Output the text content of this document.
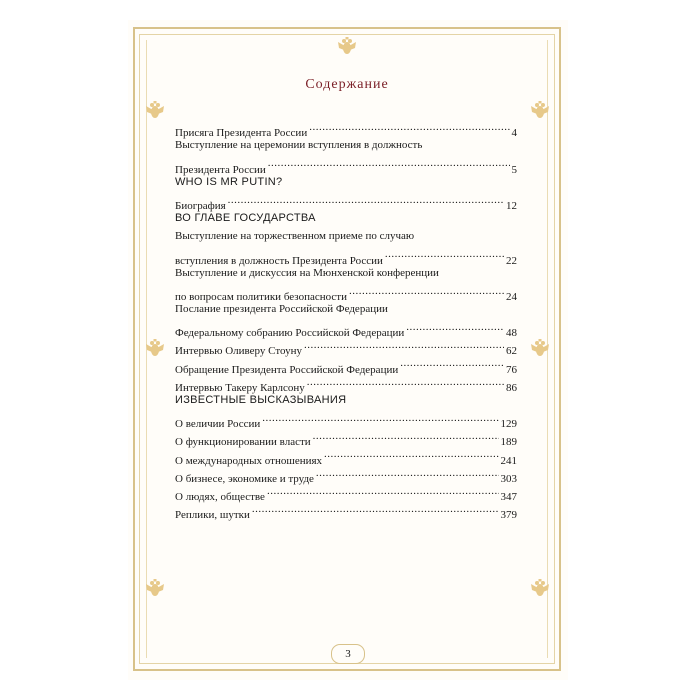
Содержание
Присяга Президента России .....	4
Выступление на церемонии вступления в должность
Президента России .....	5
WHO IS MR PUTIN?
Биография .....	12
ВО ГЛАВЕ ГОСУДАРСТВА
Выступление на торжественном приеме по случаю
вступления в должность Президента России .....	22
Выступление и дискуссия на Мюнхенской конференции
по вопросам политики безопасности .....	24
Послание президента Российской Федерации
Федеральному собранию Российской Федерации .....	48
Интервью Оливеру Стоуну .....	62
Обращение Президента Российской Федерации .....	76
Интервью Такеру Карлсону .....	86
ИЗВЕСТНЫЕ ВЫСКАЗЫВАНИЯ
О величии России .....	129
О функционировании власти .....	189
О международных отношениях .....	241
О бизнесе, экономике и труде .....	303
О людях, обществе .....	347
Реплики, шутки .....	379
3
